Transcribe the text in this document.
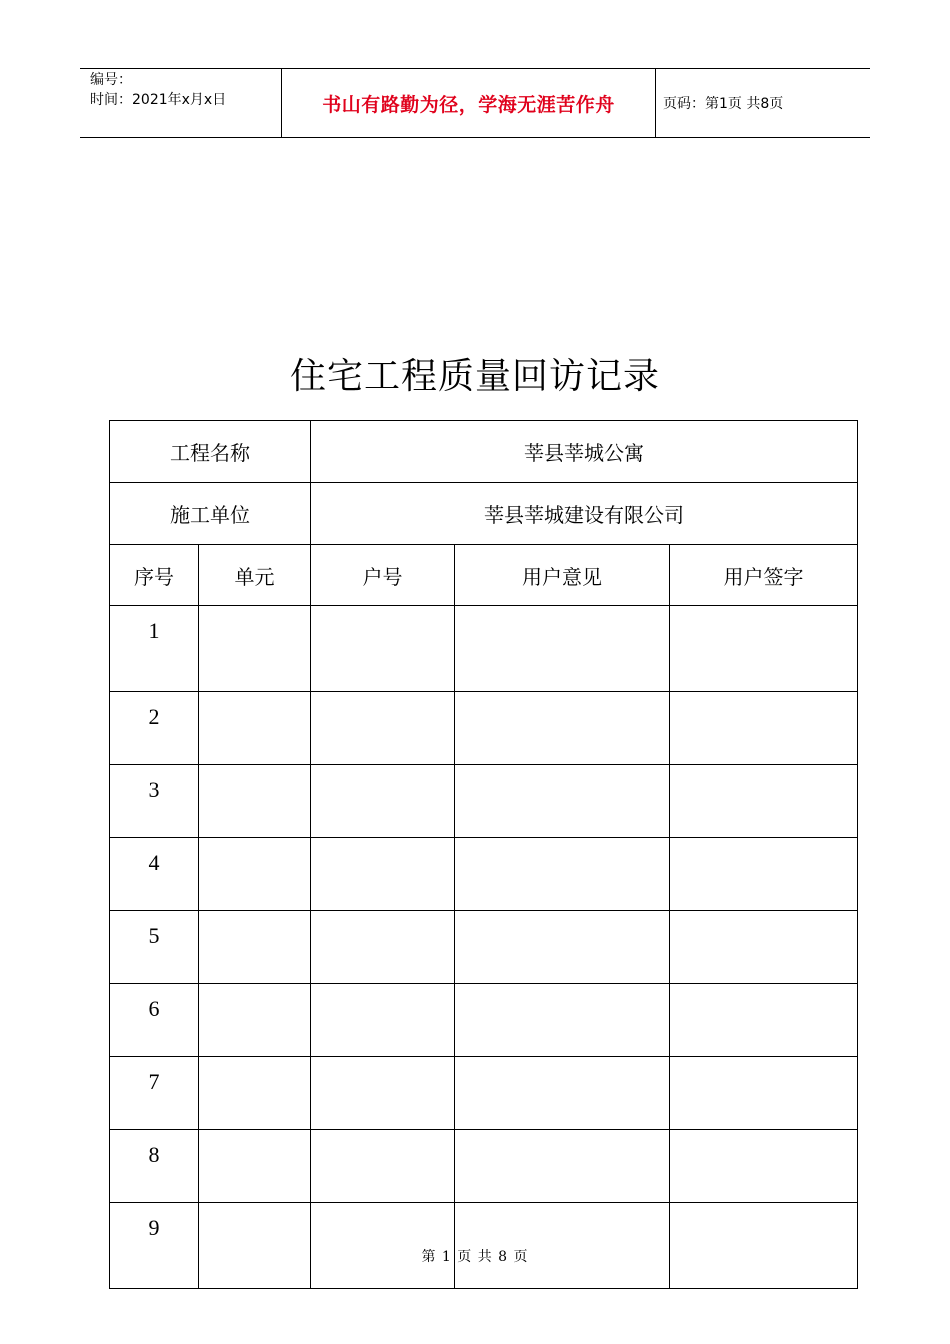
编号：
时间：2021年x月x日	书山有路勤为径，学海无涯苦作舟	页码：第1页 共8页
住宅工程质量回访记录
工程名称		莘县莘城公寓		
施工单位		莘县莘城建设有限公司		
序号	单元	户号	用户意见	用户签字
1				
2				
3				
4				
5				
6				
7				
8				
9				
第 1 页 共 8 页
